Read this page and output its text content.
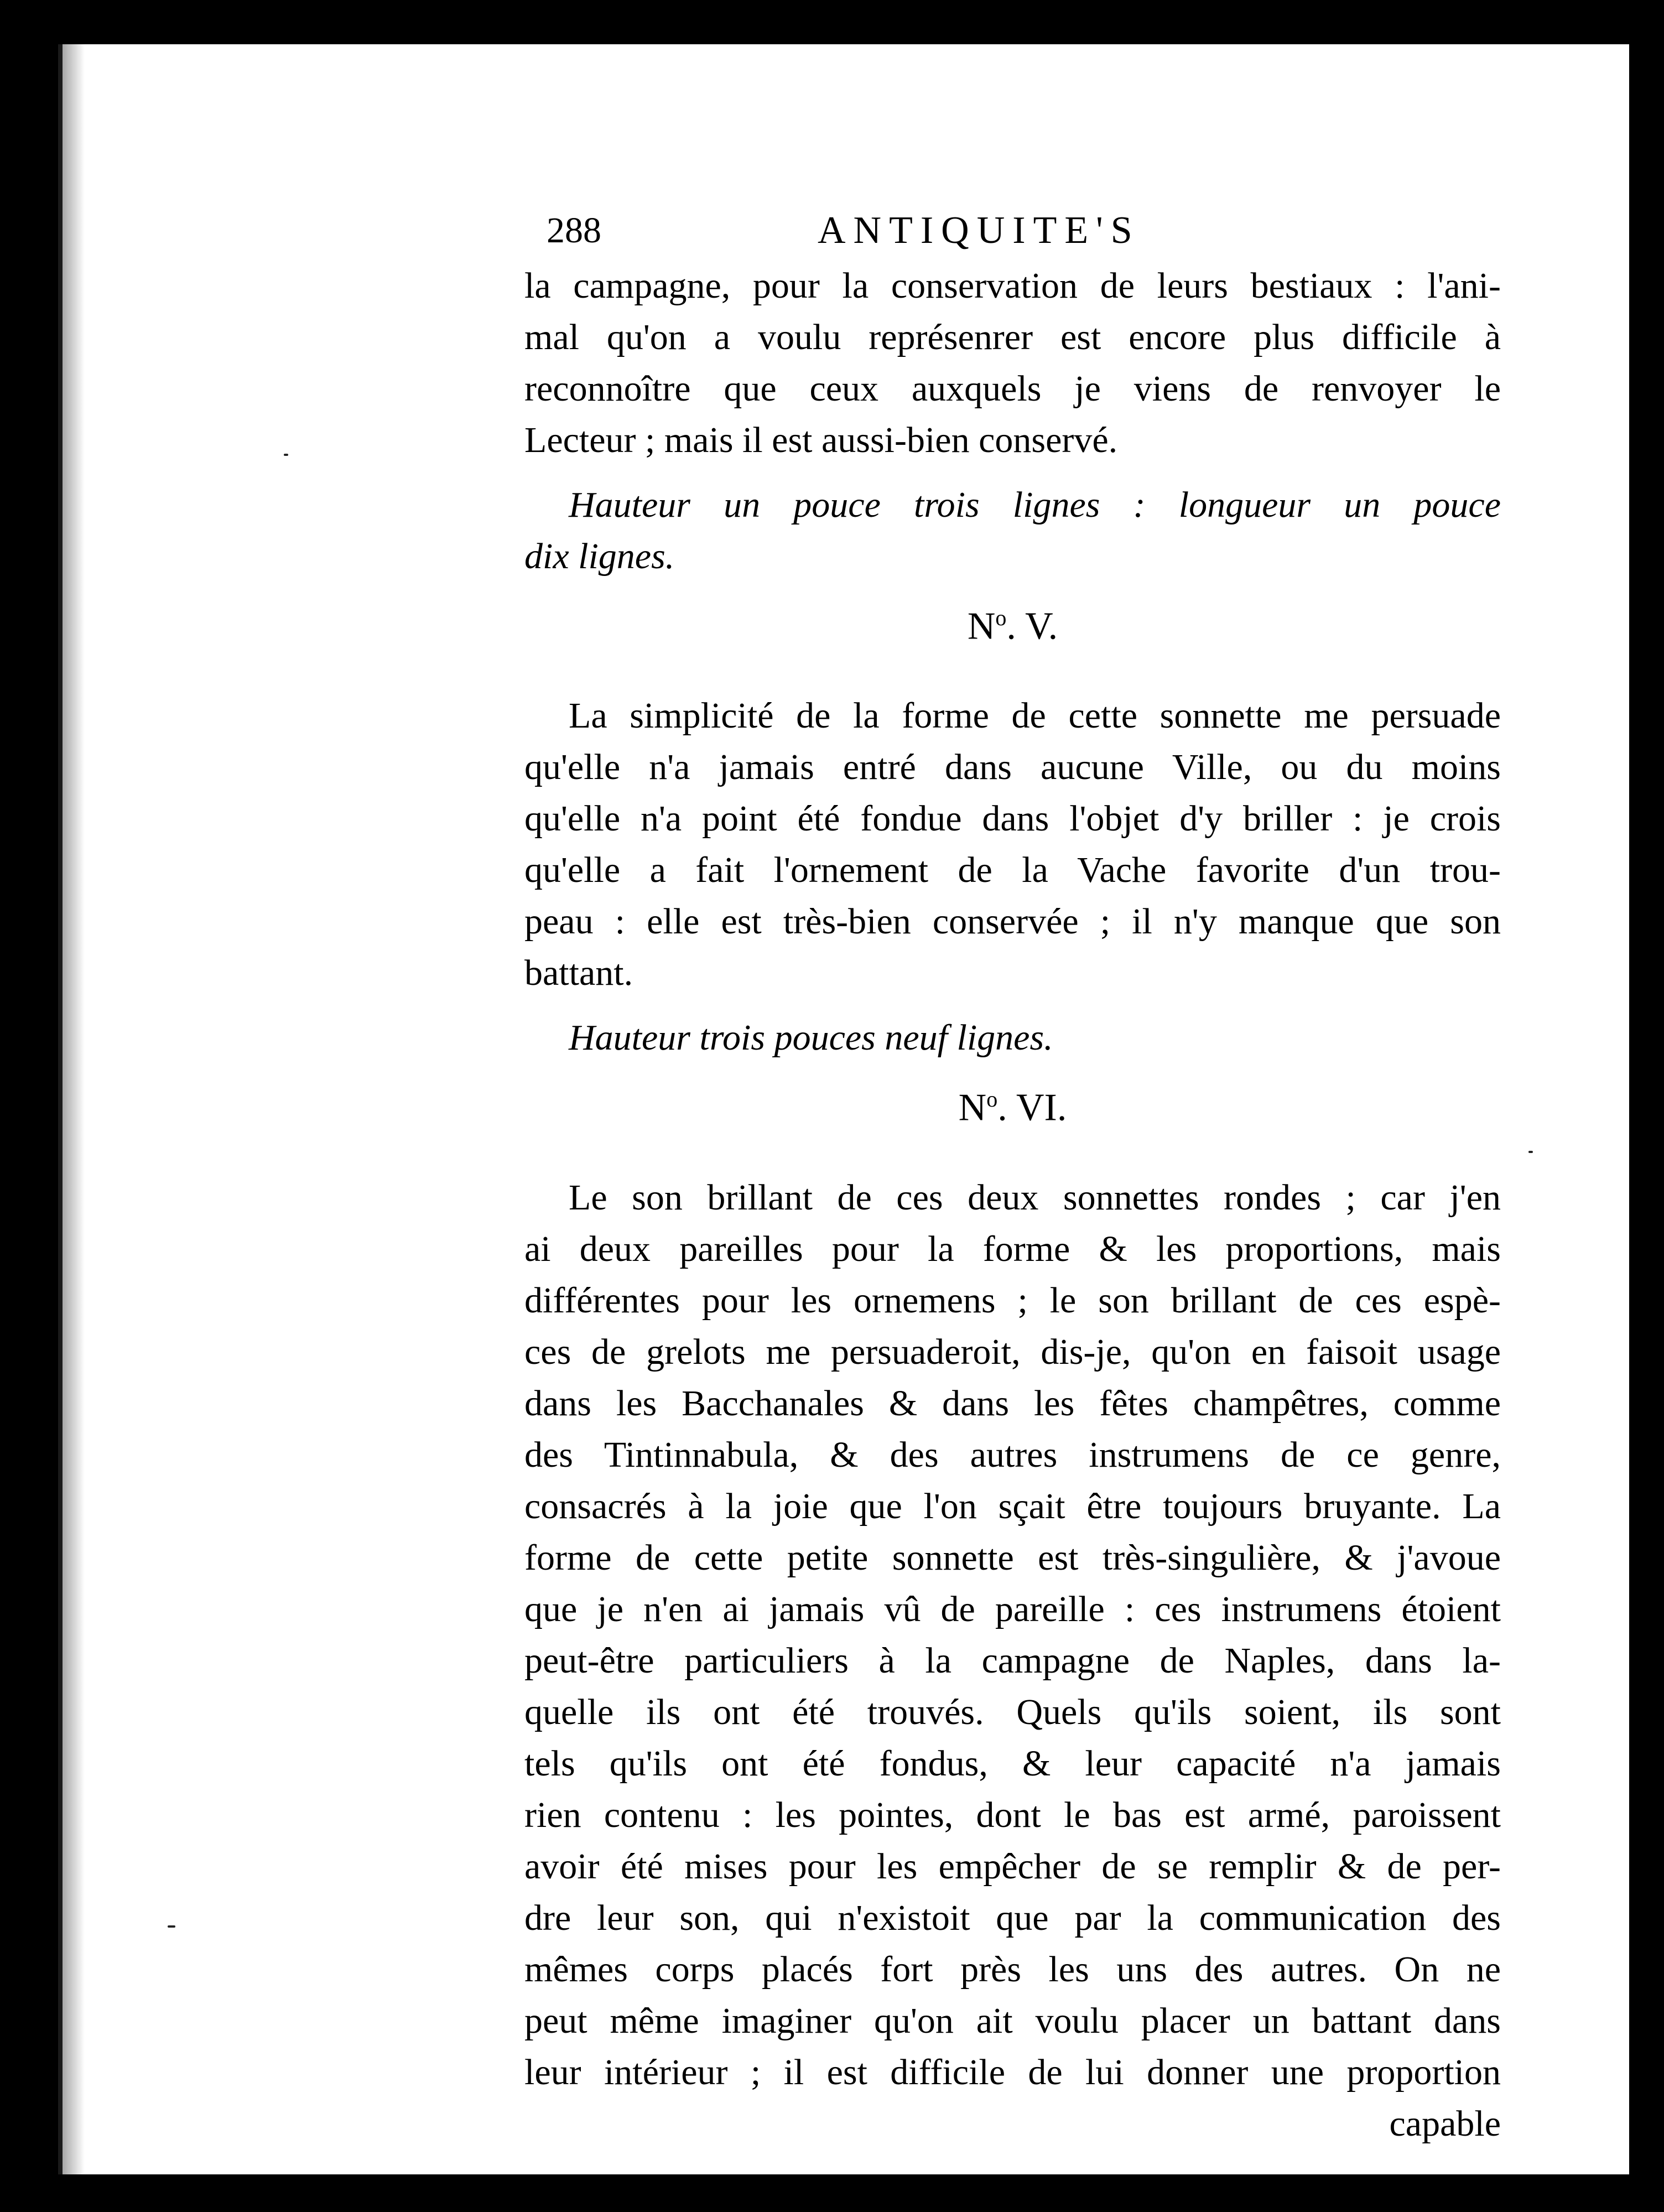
288	ANTIQUITE'S
la campagne, pour la conservation de leurs bestiaux : l'ani-
mal qu'on a voulu représenrer est encore plus difficile à
reconnoître que ceux auxquels je viens de renvoyer le
Lecteur ; mais il est aussi-bien conservé.
Hauteur un pouce trois lignes : longueur un pouce
dix lignes.
$N^o$. V.
La simplicité de la forme de cette sonnette me persuade
qu'elle n'a jamais entré dans aucune Ville, ou du moins
qu'elle n'a point été fondue dans l'objet d'y briller : je crois
qu'elle a fait l'ornement de la Vache favorite d'un trou-
peau : elle est très-bien conservée ; il n'y manque que son
battant.
Hauteur trois pouces neuf lignes.
$N^o$. VI.
Le son brillant de ces deux sonnettes rondes ; car j'en
ai deux pareilles pour la forme & les proportions, mais
différentes pour les ornemens ; le son brillant de ces espè-
ces de grelots me persuaderoit, dis-je, qu'on en faisoit usage
dans les Bacchanales & dans les fêtes champêtres, comme
des Tintinnabula, & des autres instrumens de ce genre,
consacrés à la joie que l'on sçait être toujours bruyante. La
forme de cette petite sonnette est très-singulière, & j'avoue
que je n'en ai jamais vû de pareille : ces instrumens étoient
peut-être particuliers à la campagne de Naples, dans la-
quelle ils ont été trouvés. Quels qu'ils soient, ils sont
tels qu'ils ont été fondus, & leur capacité n'a jamais
rien contenu : les pointes, dont le bas est armé, paroissent
avoir été mises pour les empêcher de se remplir & de per-
dre leur son, qui n'existoit que par la communication des
mêmes corps placés fort près les uns des autres. On ne
peut même imaginer qu'on ait voulu placer un battant dans
leur intérieur ; il est difficile de lui donner une proportion
capable
